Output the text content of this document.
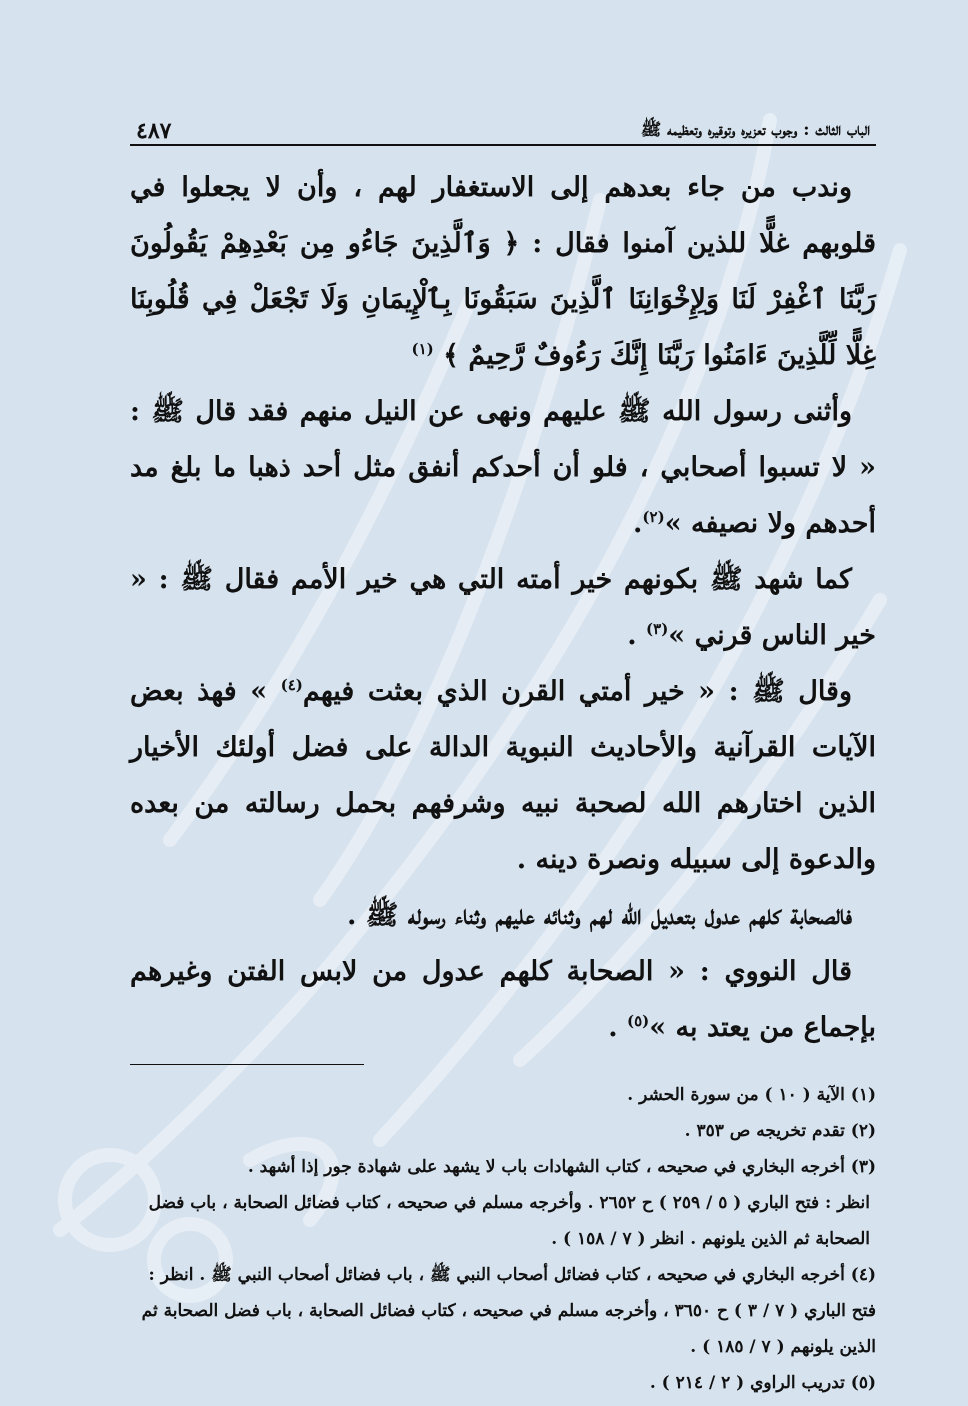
الباب الثالث : وجوب تعزيره وتوقيره وتعظيمه ﷺ
٤٨٧

وندب من جاء بعدهم إلى الاستغفار لهم ، وأن لا يجعلوا في قلوبهم غلًّا للذين آمنوا فقال : ﴿ وَٱلَّذِينَ جَاءُو مِن بَعْدِهِمْ يَقُولُونَ رَبَّنَا ٱغْفِرْ لَنَا وَلِإِخْوَانِنَا ٱلَّذِينَ سَبَقُونَا بِٱلْإِيمَانِ وَلَا تَجْعَلْ فِي قُلُوبِنَا غِلًّا لِّلَّذِينَ ءَامَنُوا رَبَّنَا إِنَّكَ رَءُوفٌ رَّحِيمٌ ﴾ $^{(١)}$

وأثنى رسول الله ﷺ عليهم ونهى عن النيل منهم فقد قال ﷺ : « لا تسبوا أصحابي ، فلو أن أحدكم أنفق مثل أحد ذهبا ما بلغ مد أحدهم ولا نصيفه »$^{(٢)}$.

كما شهد ﷺ بكونهم خير أمته التي هي خير الأمم فقال ﷺ : « خير الناس قرني »$^{(٣)}$ .

وقال ﷺ : « خير أمتي القرن الذي بعثت فيهم$^{(٤)}$ » فهذ بعض الآيات القرآنية والأحاديث النبوية الدالة على فضل أولئك الأخيار الذين اختارهم الله لصحبة نبيه وشرفهم بحمل رسالته من بعده والدعوة إلى سبيله ونصرة دينه .

فالصحابة كلهم عدول بتعديل الله لهم وثنائه عليهم وثناء رسوله ﷺ .

قال النووي : « الصحابة كلهم عدول من لابس الفتن وغيرهم بإجماع من يعتد به »$^{(٥)}$ .

(١) الآية ( ١٠ ) من سورة الحشر .

(٢) تقدم تخريجه ص ٣٥٣ .

(٣) أخرجه البخاري في صحيحه ، كتاب الشهادات باب لا يشهد على شهادة جور إذا أشهد .

انظر : فتح الباري ( ٥ / ٢٥٩ ) ح ٢٦٥٢ . وأخرجه مسلم في صحيحه ، كتاب فضائل الصحابة ، باب فضل الصحابة ثم الذين يلونهم . انظر ( ٧ / ١٥٨ ) .

(٤) أخرجه البخاري في صحيحه ، كتاب فضائل أصحاب النبي ﷺ ، باب فضائل أصحاب النبي ﷺ . انظر : فتح الباري ( ٧ / ٣ ) ح ٣٦٥٠ ، وأخرجه مسلم في صحيحه ، كتاب فضائل الصحابة ، باب فضل الصحابة ثم الذين يلونهم ( ٧ / ١٨٥ ) .

(٥) تدريب الراوي ( ٢ / ٢١٤ ) .
